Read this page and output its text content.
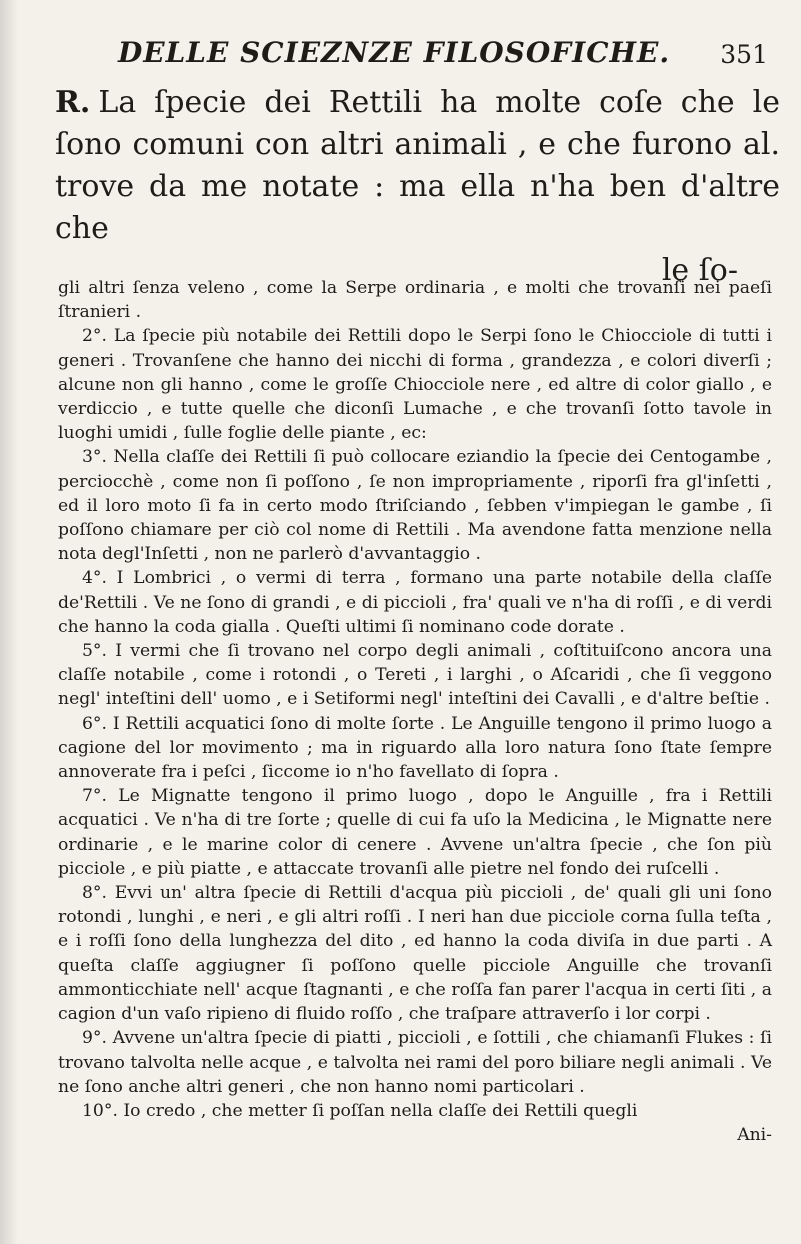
DELLE SCIEZNZE FILOSOFICHE. 351

R. La ſpecie dei Rettili ha molte coſe che le ſono comuni con altri animali , e che furono al. trove da me notate : ma ella n'ha ben d'altre che

le ſo-

gli altri ſenza veleno , come la Serpe ordinaria , e molti che trovanſi nei paeſi ſtranieri .

2°. La ſpecie più notabile dei Rettili dopo le Serpi ſono le Chiocciole di tutti i generi . Trovanſene che hanno dei nicchi di forma , grandezza , e colori diverſi ; alcune non gli hanno , come le groſſe Chiocciole nere , ed altre di color giallo , e verdiccio , e tutte quelle che diconſi Lumache , e che trovanſi ſotto tavole in luoghi umidi , ſulle foglie delle piante , ec:

3°. Nella claſſe dei Rettili ſi può collocare eziandio la ſpecie dei Centogambe , perciocchè , come non ſi poſſono , ſe non impropriamente , riporſi fra gl'inſetti , ed il loro moto ſi fa in certo modo ſtriſciando , ſebben v'impiegan le gambe , ſi poſſono chiamare per ciò col nome di Rettili . Ma avendone fatta menzione nella nota degl'Inſetti , non ne parlerò d'avvantaggio .

4°. I Lombrici , o vermi di terra , formano una parte notabile della claſſe de'Rettili . Ve ne ſono di grandi , e di piccioli , fra' quali ve n'ha di roſſi , e di verdi che hanno la coda gialla . Queſti ultimi ſi nominano code dorate .

5°. I vermi che ſi trovano nel corpo degli animali , coſtituiſcono ancora una claſſe notabile , come i rotondi , o Tereti , i larghi , o Aſcaridi , che ſi veggono negl' inteſtini dell' uomo , e i Setiformi negl' inteſtini dei Cavalli , e d'altre beſtie .

6°. I Rettili acquatici ſono di molte ſorte . Le Anguille tengono il primo luogo a cagione del lor movimento ; ma in riguardo alla loro natura ſono ſtate ſempre annoverate fra i peſci , ſiccome io n'ho favellato di ſopra .

7°. Le Mignatte tengono il primo luogo , dopo le Anguille , fra i Rettili acquatici . Ve n'ha di tre ſorte ; quelle di cui fa uſo la Medicina , le Mignatte nere ordinarie , e le marine color di cenere . Avvene un'altra ſpecie , che ſon più picciole , e più piatte , e attaccate trovanſi alle pietre nel fondo dei ruſcelli .

8°. Evvi un' altra ſpecie di Rettili d'acqua più piccioli , de' quali gli uni ſono rotondi , lunghi , e neri , e gli altri roſſi . I neri han due picciole corna ſulla teſta , e i roſſi ſono della lunghezza del dito , ed hanno la coda diviſa in due parti . A queſta claſſe aggiugner ſi poſſono quelle picciole Anguille che trovanſi ammonticchiate nell' acque ſtagnanti , e che roſſa fan parer l'acqua in certi ſiti , a cagion d'un vaſo ripieno di fluido roſſo , che traſpare attraverſo i lor corpi .

9°. Avvene un'altra ſpecie di piatti , piccioli , e ſottili , che chiamanſi Flukes : ſi trovano talvolta nelle acque , e talvolta nei rami del poro biliare negli animali . Ve ne ſono anche altri generi , che non hanno nomi particolari .

10°. Io credo , che metter ſi poſſan nella claſſe dei Rettili quegli

Ani-
